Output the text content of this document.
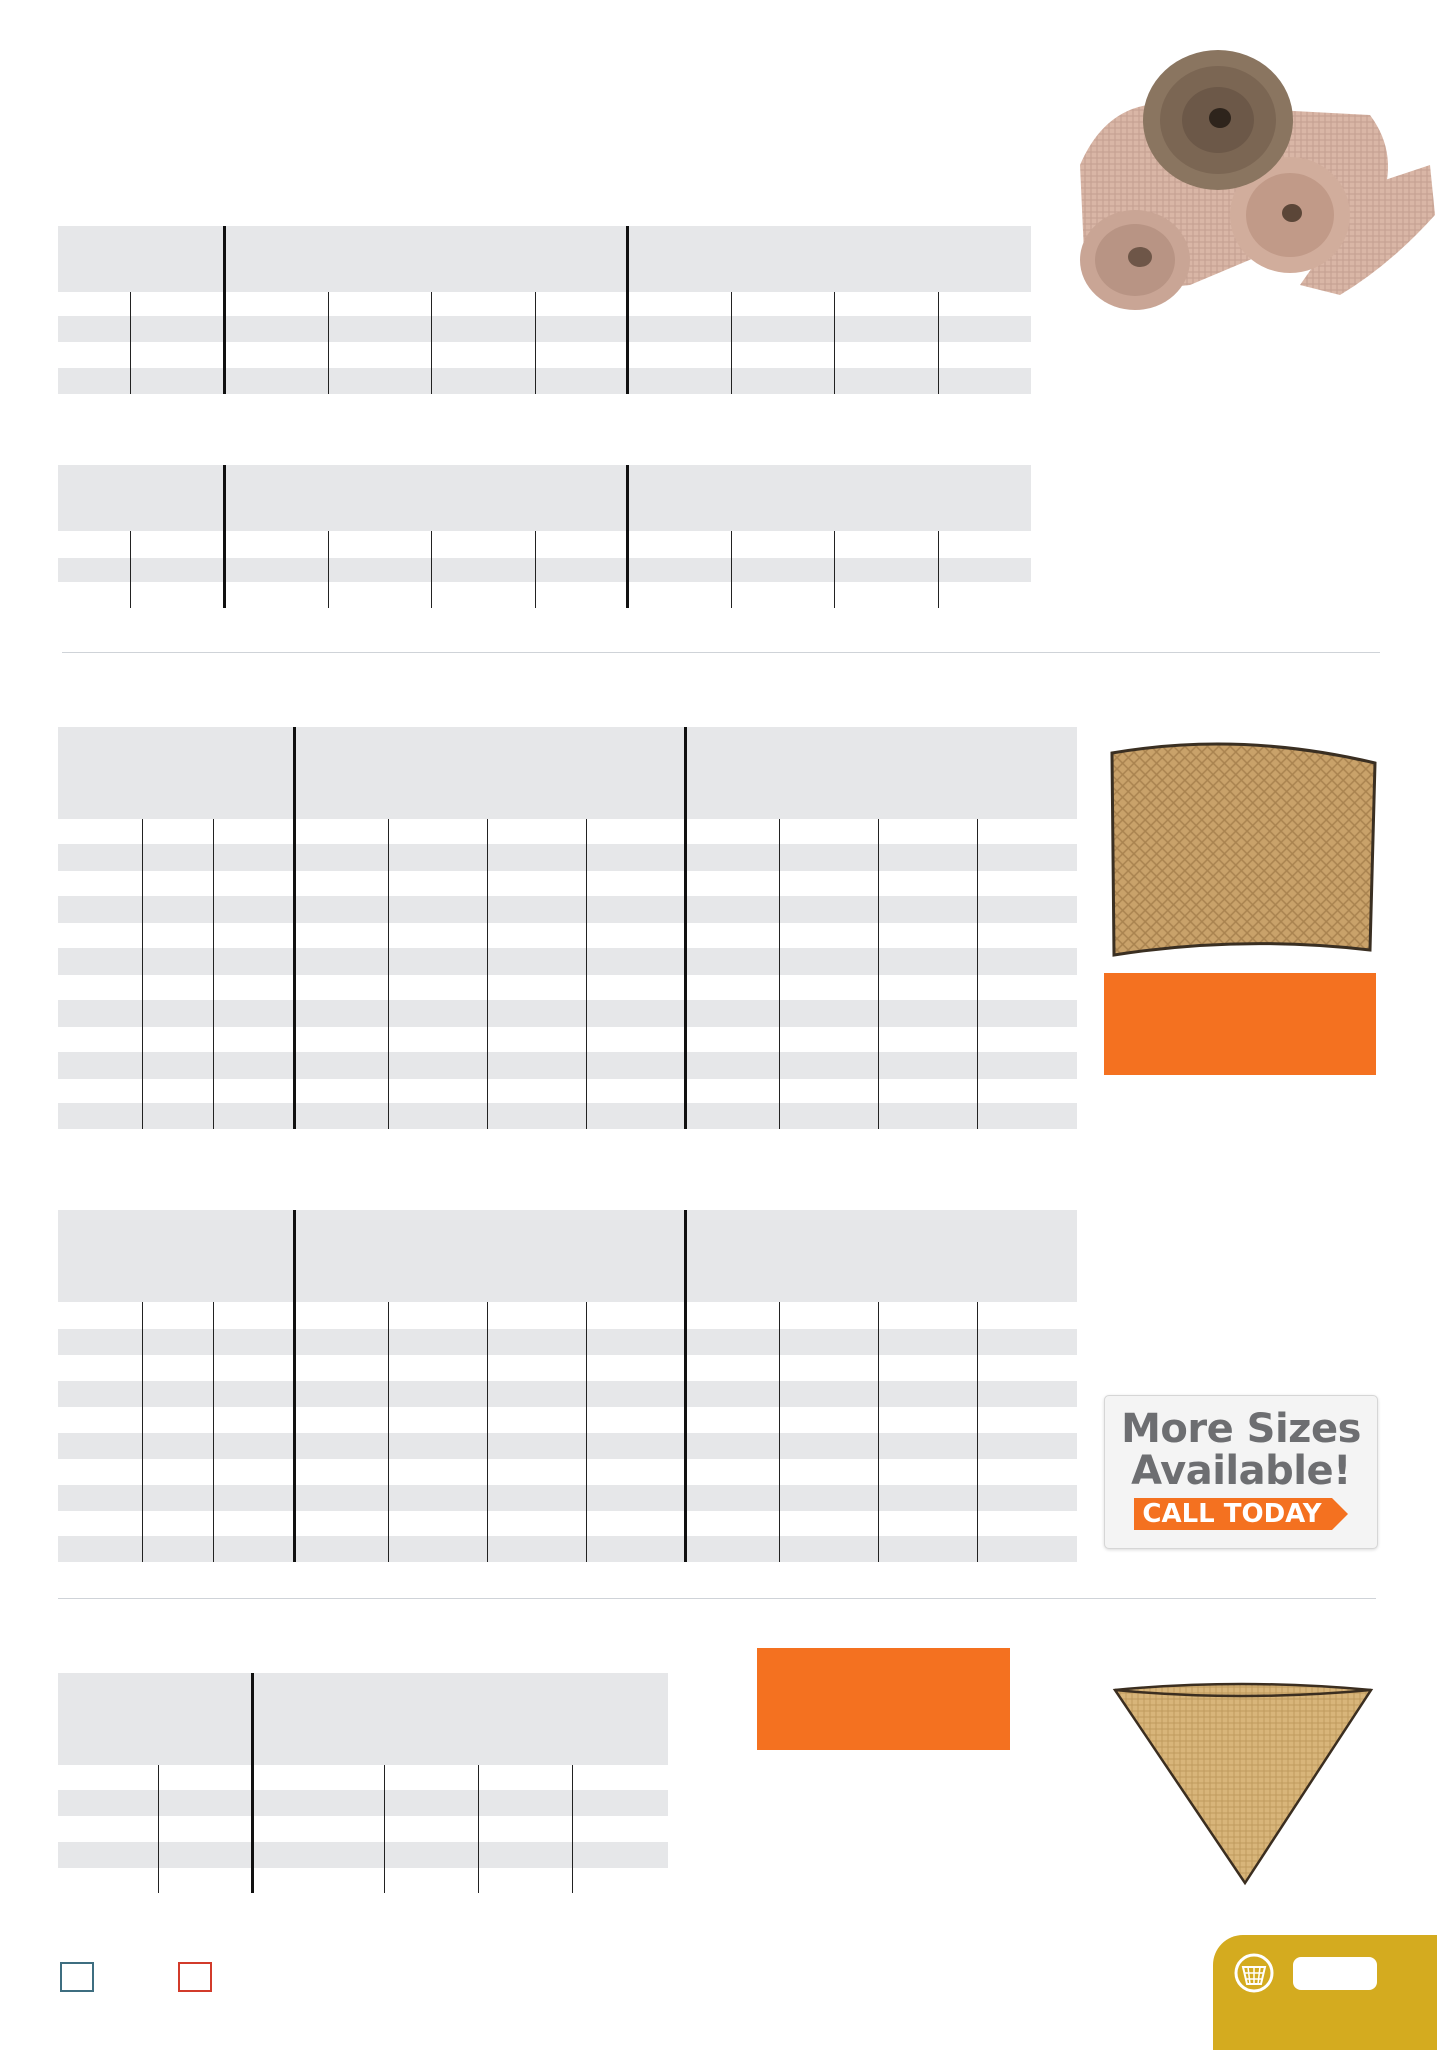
More Sizes
Available!
CALL TODAY
